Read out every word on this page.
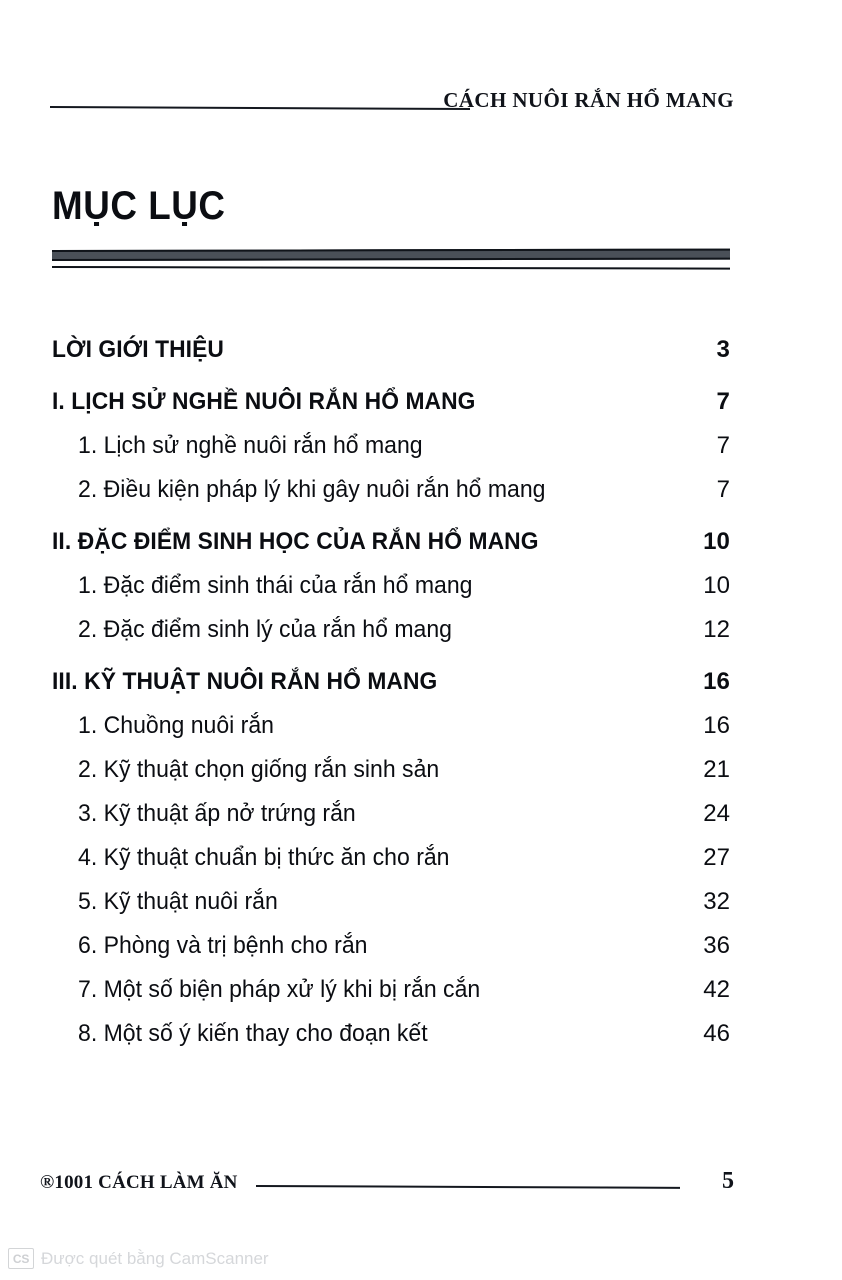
CÁCH NUÔI RẮN HỔ MANG
MỤC LỤC
LỜI GIỚI THIỆU	3
I. LỊCH SỬ NGHỀ NUÔI RẮN HỔ MANG	7
1. Lịch sử nghề nuôi rắn hổ mang	7
2. Điều kiện pháp lý khi gây nuôi rắn hổ mang	7
II. ĐẶC ĐIỂM SINH HỌC CỦA RẮN HỔ MANG	10
1. Đặc điểm sinh thái của rắn hổ mang	10
2. Đặc điểm sinh lý của rắn hổ mang	12
III. KỸ THUẬT NUÔI RẮN HỔ MANG	16
1. Chuồng nuôi rắn	16
2. Kỹ thuật chọn giống rắn sinh sản	21
3. Kỹ thuật ấp nở trứng rắn	24
4. Kỹ thuật chuẩn bị thức ăn cho rắn	27
5. Kỹ thuật nuôi rắn	32
6. Phòng và trị bệnh cho rắn	36
7. Một số biện pháp xử lý khi bị rắn cắn	42
8. Một số ý kiến thay cho đoạn kết	46
®1001 CÁCH LÀM ĂN	5
CS Được quét bằng CamScanner
